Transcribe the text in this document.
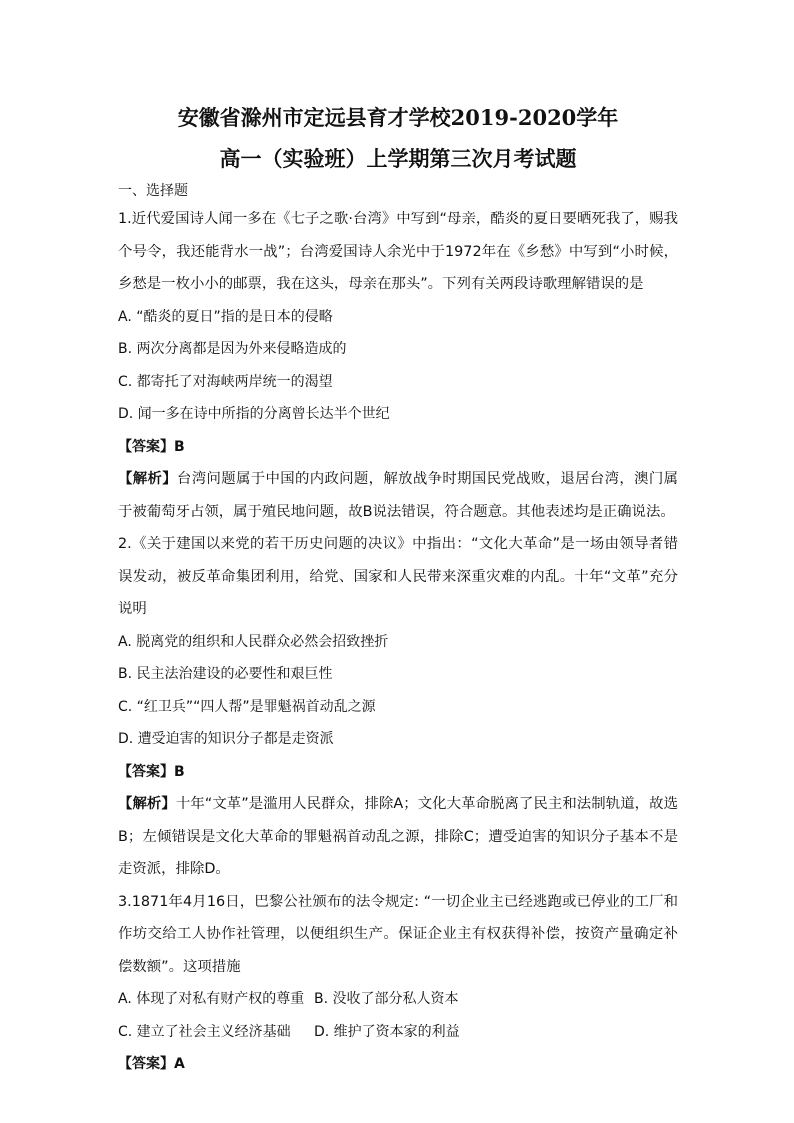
安徽省滁州市定远县育才学校2019-2020学年
高一（实验班）上学期第三次月考试题
一、选择题

1.近代爱国诗人闻一多在《七子之歌·台湾》中写到“母亲，酷炎的夏日要晒死我了，赐我个号令，我还能背水一战”；台湾爱国诗人余光中于1972年在《乡愁》中写到“小时候，乡愁是一枚小小的邮票，我在这头，母亲在那头”。下列有关两段诗歌理解错误的是

A. “酷炎的夏日”指的是日本的侵略
B. 两次分离都是因为外来侵略造成的
C. 都寄托了对海峡两岸统一的渴望
D. 闻一多在诗中所指的分离曾长达半个世纪
【答案】B

【解析】台湾问题属于中国的内政问题，解放战争时期国民党战败，退居台湾，澳门属于被葡萄牙占领，属于殖民地问题，故B说法错误，符合题意。其他表述均是正确说法。

2.《关于建国以来党的若干历史问题的决议》中指出：“文化大革命”是一场由领导者错误发动，被反革命集团利用，给党、国家和人民带来深重灾难的内乱。十年“文革”充分说明

A. 脱离党的组织和人民群众必然会招致挫折
B. 民主法治建设的必要性和艰巨性
C. “红卫兵”“四人帮”是罪魁祸首动乱之源
D. 遭受迫害的知识分子都是走资派
【答案】B

【解析】十年“文革”是滥用人民群众，排除A；文化大革命脱离了民主和法制轨道，故选B；左倾错误是文化大革命的罪魁祸首动乱之源，排除C；遭受迫害的知识分子基本不是走资派，排除D。

3.1871年4月16日，巴黎公社颁布的法令规定: “一切企业主已经逃跑或已停业的工厂和作坊交给工人协作社管理，以便组织生产。保证企业主有权获得补偿，按资产量确定补偿数额”。这项措施

A. 体现了对私有财产权的尊重 B. 没收了部分私人资本
C. 建立了社会主义经济基础	D. 维护了资本家的利益
【答案】A
